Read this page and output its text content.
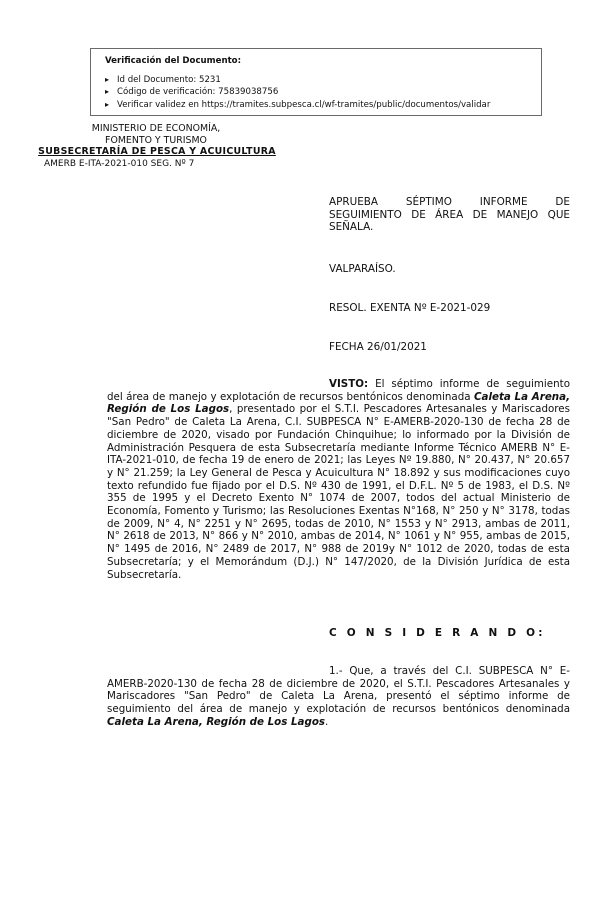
Verificación del Documento:
▸ Id del Documento: 5231
▸ Código de verificación: 75839038756
▸ Verificar validez en https://tramites.subpesca.cl/wf-tramites/public/documentos/validar
MINISTERIO DE ECONOMÍA,
FOMENTO Y TURISMO
SUBSECRETARÍA DE PESCA Y ACUICULTURA
AMERB E-ITA-2021-010 SEG. Nº 7
APRUEBA SÉPTIMO INFORME DE SEGUIMIENTO DE ÁREA DE MANEJO QUE SEÑALA.
VALPARAÍSO.
RESOL. EXENTA Nº E-2021-029
FECHA 26/01/2021

VISTO: El séptimo informe de seguimiento del área de manejo y explotación de recursos bentónicos denominada Caleta La Arena, Región de Los Lagos, presentado por el S.T.I. Pescadores Artesanales y Mariscadores "San Pedro" de Caleta La Arena, C.I. SUBPESCA N° E-AMERB-2020-130 de fecha 28 de diciembre de 2020, visado por Fundación Chinquihue; lo informado por la División de Administración Pesquera de esta Subsecretaría mediante Informe Técnico AMERB N° E-ITA-2021-010, de fecha 19 de enero de 2021; las Leyes Nº 19.880, N° 20.437, N° 20.657 y N° 21.259; la Ley General de Pesca y Acuicultura N° 18.892 y sus modificaciones cuyo texto refundido fue fijado por el D.S. Nº 430 de 1991, el D.F.L. Nº 5 de 1983, el D.S. Nº 355 de 1995 y el Decreto Exento N° 1074 de 2007, todos del actual Ministerio de Economía, Fomento y Turismo; las Resoluciones Exentas N°168, N° 250 y N° 3178, todas de 2009, N° 4, N° 2251 y N° 2695, todas de 2010, N° 1553 y N° 2913, ambas de 2011, N° 2618 de 2013, N° 866 y N° 2010, ambas de 2014, N° 1061 y N° 955, ambas de 2015, N° 1495 de 2016, N° 2489 de 2017, N° 988 de 2019y N° 1012 de 2020, todas de esta Subsecretaría; y el Memorándum (D.J.) N° 147/2020, de la División Jurídica de esta Subsecretaría.

C O N S I D E R A N D O:

1.- Que, a través del C.I. SUBPESCA N° E-AMERB-2020-130 de fecha 28 de diciembre de 2020, el S.T.I. Pescadores Artesanales y Mariscadores "San Pedro" de Caleta La Arena, presentó el séptimo informe de seguimiento del área de manejo y explotación de recursos bentónicos denominada Caleta La Arena, Región de Los Lagos.
